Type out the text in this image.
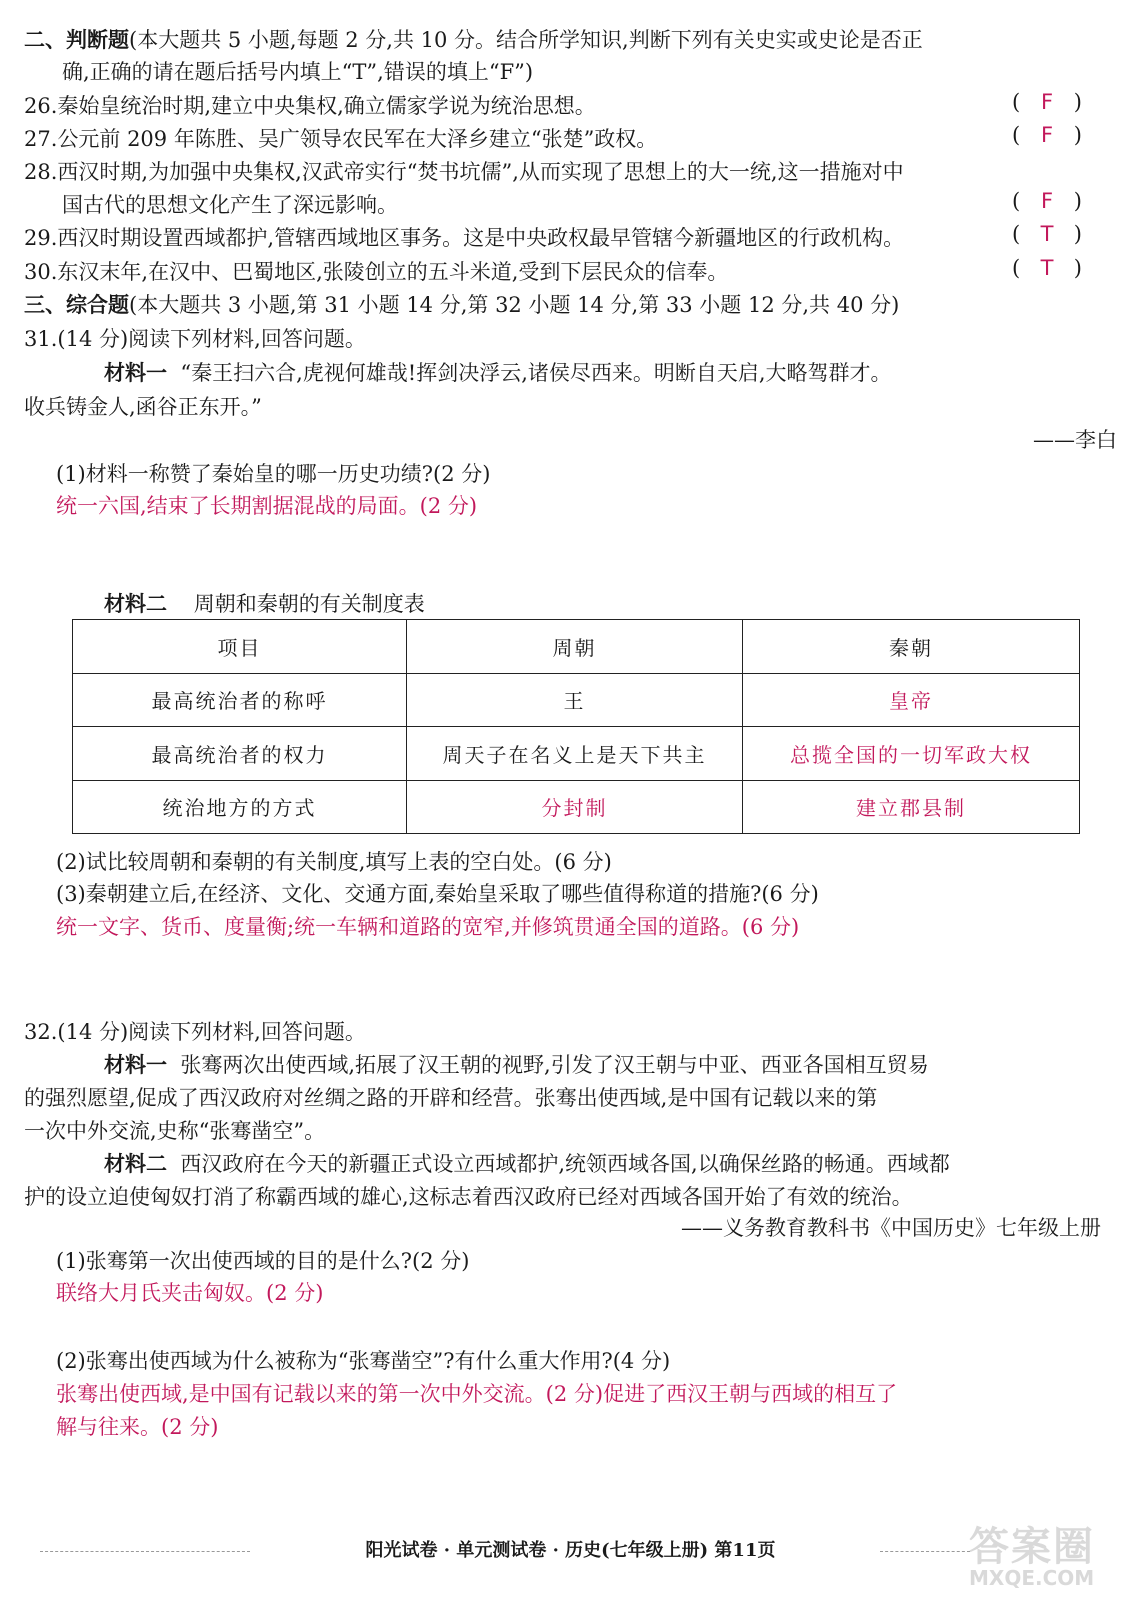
二、判断题(本大题共 5 小题,每题 2 分,共 10 分。结合所学知识,判断下列有关史实或史论是否正
确,正确的请在题后括号内填上“T”,错误的填上“F”)
26.秦始皇统治时期,建立中央集权,确立儒家学说为统治思想。	( F )
27.公元前 209 年陈胜、吴广领导农民军在大泽乡建立“张楚”政权。	( F )
28.西汉时期,为加强中央集权,汉武帝实行“焚书坑儒”,从而实现了思想上的大一统,这一措施对中
国古代的思想文化产生了深远影响。	( F )
29.西汉时期设置西域都护,管辖西域地区事务。这是中央政权最早管辖今新疆地区的行政机构。	( T )
30.东汉末年,在汉中、巴蜀地区,张陵创立的五斗米道,受到下层民众的信奉。	( T )
三、综合题(本大题共 3 小题,第 31 小题 14 分,第 32 小题 14 分,第 33 小题 12 分,共 40 分)
31.(14 分)阅读下列材料,回答问题。
材料一 “秦王扫六合,虎视何雄哉!挥剑决浮云,诸侯尽西来。明断自天启,大略驾群才。
收兵铸金人,函谷正东开。”
——李白
(1)材料一称赞了秦始皇的哪一历史功绩?(2 分)
统一六国,结束了长期割据混战的局面。(2 分)
材料二 周朝和秦朝的有关制度表
项目	周朝	秦朝
最高统治者的称呼	王	皇帝
最高统治者的权力	周天子在名义上是天下共主	总揽全国的一切军政大权
统治地方的方式	分封制	建立郡县制
(2)试比较周朝和秦朝的有关制度,填写上表的空白处。(6 分)
(3)秦朝建立后,在经济、文化、交通方面,秦始皇采取了哪些值得称道的措施?(6 分)
统一文字、货币、度量衡;统一车辆和道路的宽窄,并修筑贯通全国的道路。(6 分)
32.(14 分)阅读下列材料,回答问题。
材料一 张骞两次出使西域,拓展了汉王朝的视野,引发了汉王朝与中亚、西亚各国相互贸易
的强烈愿望,促成了西汉政府对丝绸之路的开辟和经营。张骞出使西域,是中国有记载以来的第
一次中外交流,史称“张骞凿空”。
材料二 西汉政府在今天的新疆正式设立西域都护,统领西域各国,以确保丝路的畅通。西域都
护的设立迫使匈奴打消了称霸西域的雄心,这标志着西汉政府已经对西域各国开始了有效的统治。
——义务教育教科书《中国历史》七年级上册
(1)张骞第一次出使西域的目的是什么?(2 分)
联络大月氏夹击匈奴。(2 分)
(2)张骞出使西域为什么被称为“张骞凿空”?有什么重大作用?(4 分)
张骞出使西域,是中国有记载以来的第一次中外交流。(2 分)促进了西汉王朝与西域的相互了
解与往来。(2 分)
阳光试卷 · 单元测试卷 · 历史(七年级上册) 第11页	答案圈
MXQE.COM
